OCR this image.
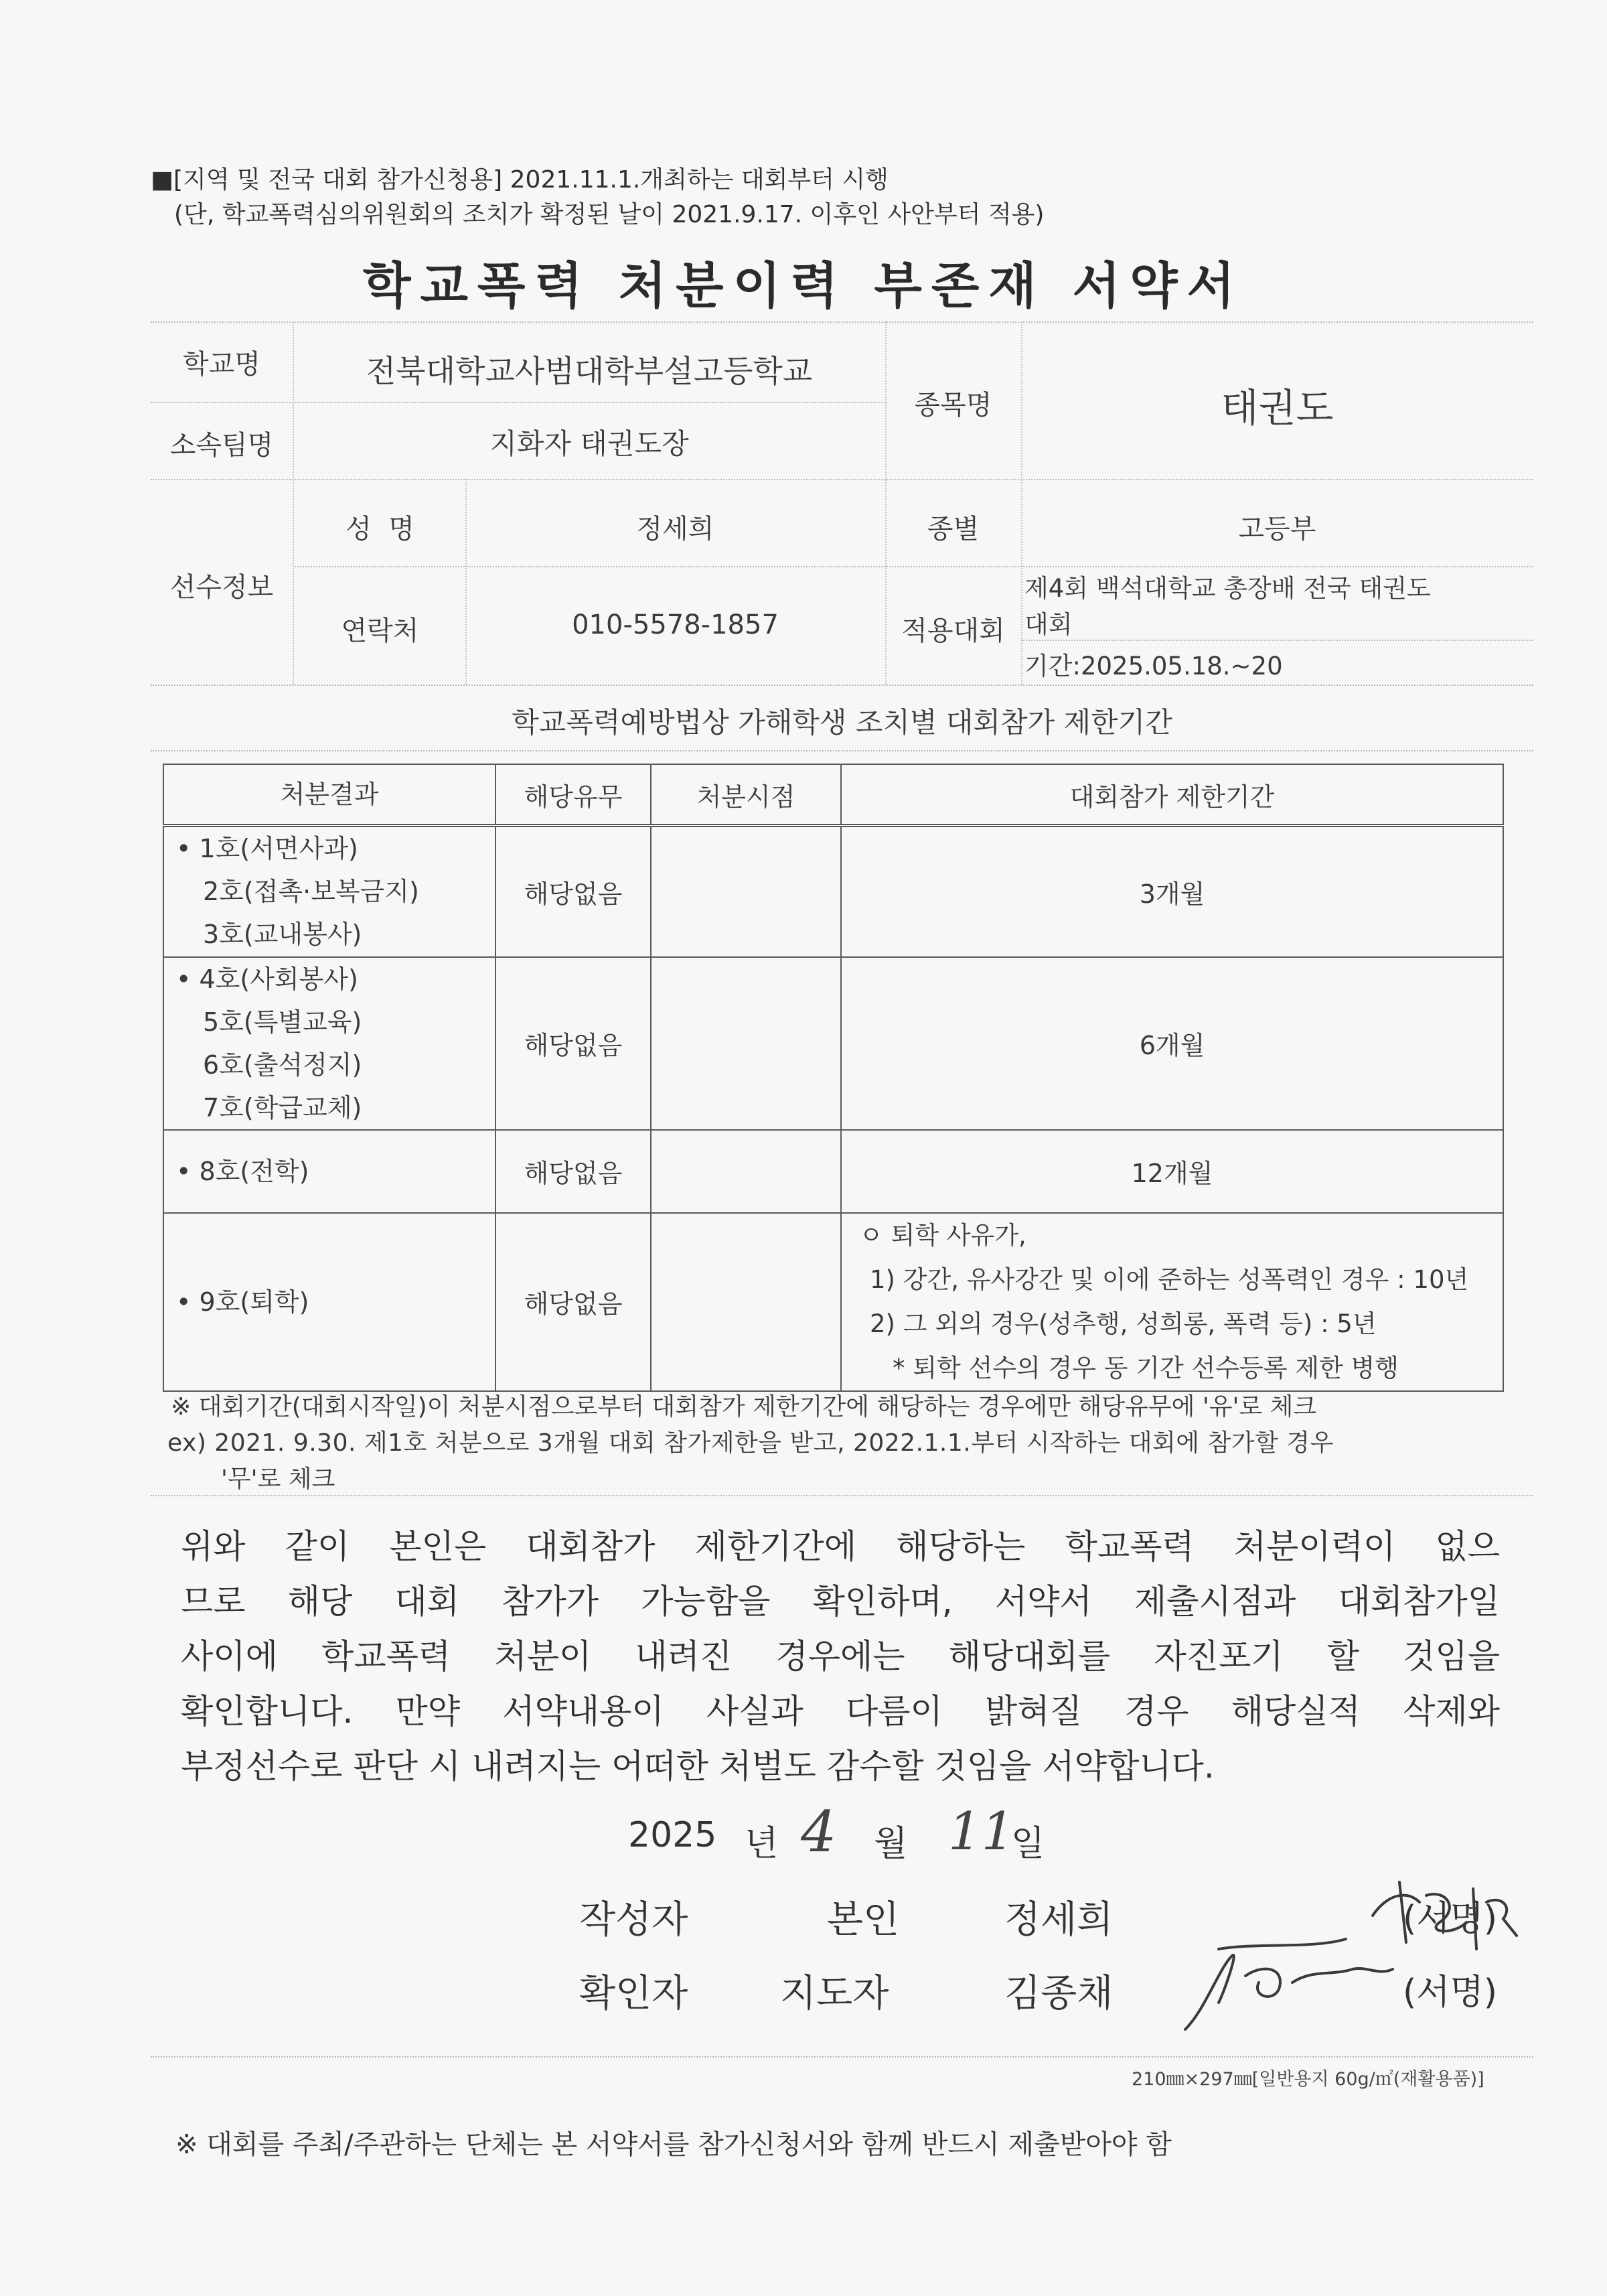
■[지역 및 전국 대회 참가신청용] 2021.11.1.개최하는 대회부터 시행
(단, 학교폭력심의위원회의 조치가 확정된 날이 2021.9.17. 이후인 사안부터 적용)
학교폭력 처분이력 부존재 서약서
학교명	전북대학교사범대학부설고등학교
소속팀명	지화자 태권도장
종목명	태권도
선수정보
성  명	정세희	종별	고등부
연락처	010-5578-1857	적용대회
제4회 백석대학교 총장배 전국 태권도
대회
기간:2025.05.18.~20
학교폭력예방법상 가해학생 조치별 대회참가 제한기간
처분결과	해당유무	처분시점	대회참가 제한기간
• 1호(서면사과)
2호(접촉·보복금지)
3호(교내봉사)	해당없음		3개월
• 4호(사회봉사)
5호(특별교육)
6호(출석정지)
7호(학급교체)	해당없음		6개월
• 8호(전학)	해당없음		12개월
• 9호(퇴학)	해당없음		ㅇ 퇴학 사유가,
1) 강간, 유사강간 및 이에 준하는 성폭력인 경우 : 10년
2) 그 외의 경우(성추행, 성희롱, 폭력 등) : 5년
* 퇴학 선수의 경우 동 기간 선수등록 제한 병행
※ 대회기간(대회시작일)이 처분시점으로부터 대회참가 제한기간에 해당하는 경우에만 해당유무에 '유'로 체크
ex) 2021. 9.30. 제1호 처분으로 3개월 대회 참가제한을 받고, 2022.1.1.부터 시작하는 대회에 참가할 경우
'무'로 체크
위와 같이 본인은 대회참가 제한기간에 해당하는 학교폭력 처분이력이 없으
므로 해당 대회 참가가 가능함을 확인하며, 서약서 제출시점과 대회참가일
사이에 학교폭력 처분이 내려진 경우에는 해당대회를 자진포기 할 것임을
확인합니다. 만약 서약내용이 사실과 다름이 밝혀질 경우 해당실적 삭제와
부정선수로 판단 시 내려지는 어떠한 처벌도 감수할 것임을 서약합니다.
2025 년 4 월 11
일
작성자	본인	정세희	(서명)
확인자 지도자	김종채	(서명)
210㎜×297㎜[일반용지 60g/㎡(재활용품)]
※ 대회를 주최/주관하는 단체는 본 서약서를 참가신청서와 함께 반드시 제출받아야 함
